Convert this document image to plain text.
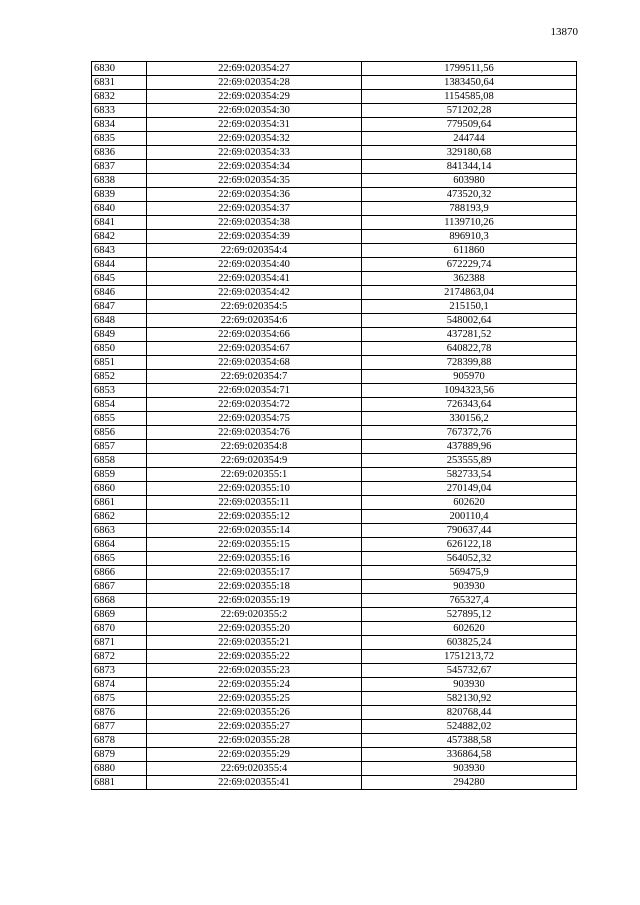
13870
6830	22:69:020354:27	1799511,56
6831	22:69:020354:28	1383450,64
6832	22:69:020354:29	1154585,08
6833	22:69:020354:30	571202,28
6834	22:69:020354:31	779509,64
6835	22:69:020354:32	244744
6836	22:69:020354:33	329180,68
6837	22:69:020354:34	841344,14
6838	22:69:020354:35	603980
6839	22:69:020354:36	473520,32
6840	22:69:020354:37	788193,9
6841	22:69:020354:38	1139710,26
6842	22:69:020354:39	896910,3
6843	22:69:020354:4	611860
6844	22:69:020354:40	672229,74
6845	22:69:020354:41	362388
6846	22:69:020354:42	2174863,04
6847	22:69:020354:5	215150,1
6848	22:69:020354:6	548002,64
6849	22:69:020354:66	437281,52
6850	22:69:020354:67	640822,78
6851	22:69:020354:68	728399,88
6852	22:69:020354:7	905970
6853	22:69:020354:71	1094323,56
6854	22:69:020354:72	726343,64
6855	22:69:020354:75	330156,2
6856	22:69:020354:76	767372,76
6857	22:69:020354:8	437889,96
6858	22:69:020354:9	253555,89
6859	22:69:020355:1	582733,54
6860	22:69:020355:10	270149,04
6861	22:69:020355:11	602620
6862	22:69:020355:12	200110,4
6863	22:69:020355:14	790637,44
6864	22:69:020355:15	626122,18
6865	22:69:020355:16	564052,32
6866	22:69:020355:17	569475,9
6867	22:69:020355:18	903930
6868	22:69:020355:19	765327,4
6869	22:69:020355:2	527895,12
6870	22:69:020355:20	602620
6871	22:69:020355:21	603825,24
6872	22:69:020355:22	1751213,72
6873	22:69:020355:23	545732,67
6874	22:69:020355:24	903930
6875	22:69:020355:25	582130,92
6876	22:69:020355:26	820768,44
6877	22:69:020355:27	524882,02
6878	22:69:020355:28	457388,58
6879	22:69:020355:29	336864,58
6880	22:69:020355:4	903930
6881	22:69:020355:41	294280
